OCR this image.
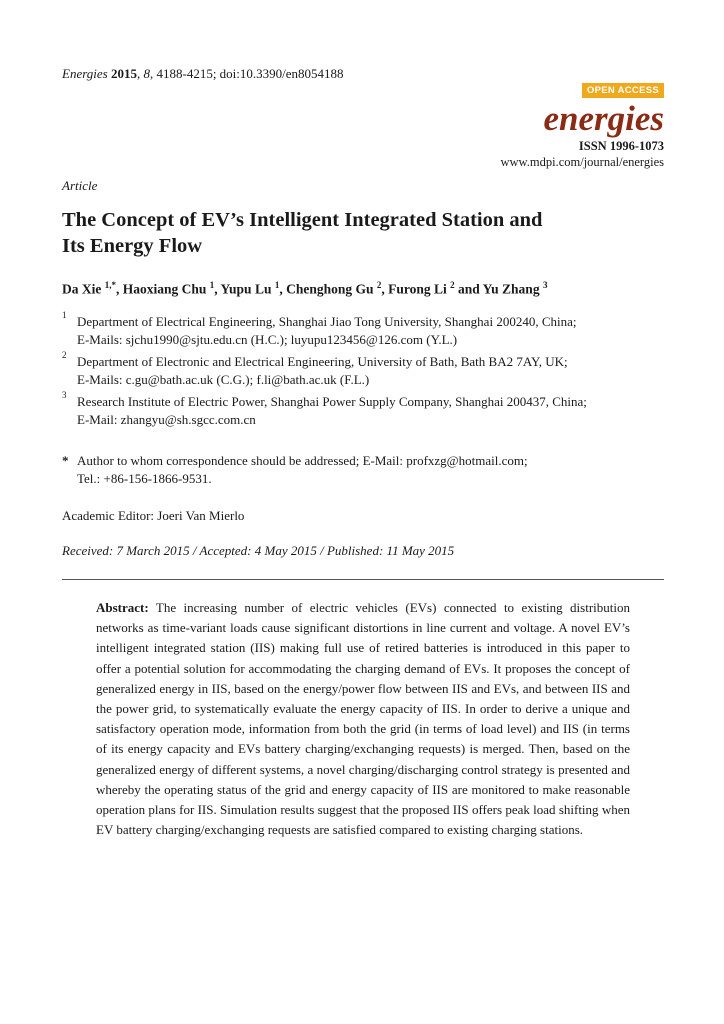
Energies 2015, 8, 4188-4215; doi:10.3390/en8054188
OPEN ACCESS
energies
ISSN 1996-1073
www.mdpi.com/journal/energies
Article
The Concept of EV’s Intelligent Integrated Station and
Its Energy Flow
Da Xie $^{1,*}$, Haoxiang Chu $^1$, Yupu Lu $^1$, Chenghong Gu $^2$, Furong Li $^2$ and Yu Zhang $^3$
1 Department of Electrical Engineering, Shanghai Jiao Tong University, Shanghai 200240, China;
E-Mails: sjchu1990@sjtu.edu.cn (H.C.); luyupu123456@126.com (Y.L.)
2 Department of Electronic and Electrical Engineering, University of Bath, Bath BA2 7AY, UK;
E-Mails: c.gu@bath.ac.uk (C.G.); f.li@bath.ac.uk (F.L.)
3 Research Institute of Electric Power, Shanghai Power Supply Company, Shanghai 200437, China;
E-Mail: zhangyu@sh.sgcc.com.cn
* Author to whom correspondence should be addressed; E-Mail: profxzg@hotmail.com;
Tel.: +86-156-1866-9531.
Academic Editor: Joeri Van Mierlo
Received: 7 March 2015 / Accepted: 4 May 2015 / Published: 11 May 2015
Abstract: The increasing number of electric vehicles (EVs) connected to existing distribution networks as time-variant loads cause significant distortions in line current and voltage. A novel EV’s intelligent integrated station (IIS) making full use of retired batteries is introduced in this paper to offer a potential solution for accommodating the charging demand of EVs. It proposes the concept of generalized energy in IIS, based on the energy/power flow between IIS and EVs, and between IIS and the power grid, to systematically evaluate the energy capacity of IIS. In order to derive a unique and satisfactory operation mode, information from both the grid (in terms of load level) and IIS (in terms of its energy capacity and EVs battery charging/exchanging requests) is merged. Then, based on the generalized energy of different systems, a novel charging/discharging control strategy is presented and whereby the operating status of the grid and energy capacity of IIS are monitored to make reasonable operation plans for IIS. Simulation results suggest that the proposed IIS offers peak load shifting when EV battery charging/exchanging requests are satisfied compared to existing charging stations.
